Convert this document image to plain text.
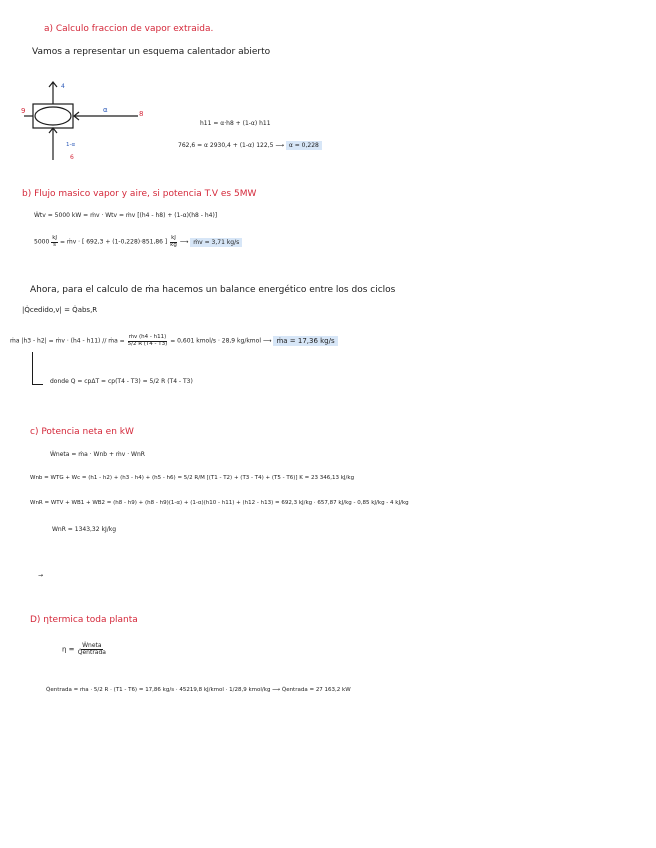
a) Calculo fraccion de vapor extraida.
Vamos a representar un esquema calentador abierto
9
4
α	8
1-α
6
h11 = α·h8 + (1-α) h11
762,6 = α 2930,4 + (1-α) 122,5 ⟶ α = 0,228
b) Flujo masico vapor y aire, si potencia T.V es 5MW
Ẇtv = 5000 kW = ṁv · Wtv = ṁv [(h4 - h8) + (1-α)(h8 - h4)]
$5000 \frac{kJ}{s}$ = ṁv · [ 692,3 + (1-0,228)·851,86 ] $\frac{kJ}{kg}$ ⟶ ṁv = 3,71 kg/s
Ahora, para el calculo de ṁa hacemos un balance energético entre los dos ciclos
|Q̇cedido,v| = Q̇abs,R
ṁa |h3 - h2| = ṁv · (h4 - h11) // ṁa = $\frac{\text{ṁv (h4 - h11)}}{5/2 R (T4 - T3)} = 0,601$ kmol/s · 28,9 kg/kmol ⟶ ṁa = 17,36 kg/s
donde Q = cpΔT = cp(T4 - T3) = 5/2 R (T4 - T3)
c) Potencia neta en kW
Ẇneta = ṁa · Wnb + ṁv · WnR
Wnb = WTG + Wc = (h1 - h2) + (h3 - h4) + (h5 - h6) = 5/2 R/M [(T1 - T2) + (T3 - T4) + (T5 - T6)] K = 23 346,13 kJ/kg
WnR = WTV + WB1 + WB2 = (h8 - h9) + (h8 - h9)(1-α) + (1-α)(h10 - h11) + (h12 - h13) = 692,3 kJ/kg · 657,87 kJ/kg - 0,85 kJ/kg - 4 kJ/kg
WnR = 1343,32 kJ/kg
→
D) ηtermica toda planta
$\eta = \frac{\text{Ẇneta}}{\text{Q̇entrada}}$
Q̇entrada = ṁa · 5/2 R · (T1 - T6) = 17,86 kg/s · 45219,8 kJ/kmol · 1/28,9 kmol/kg ⟶ Q̇entrada = 27 163,2 kW
